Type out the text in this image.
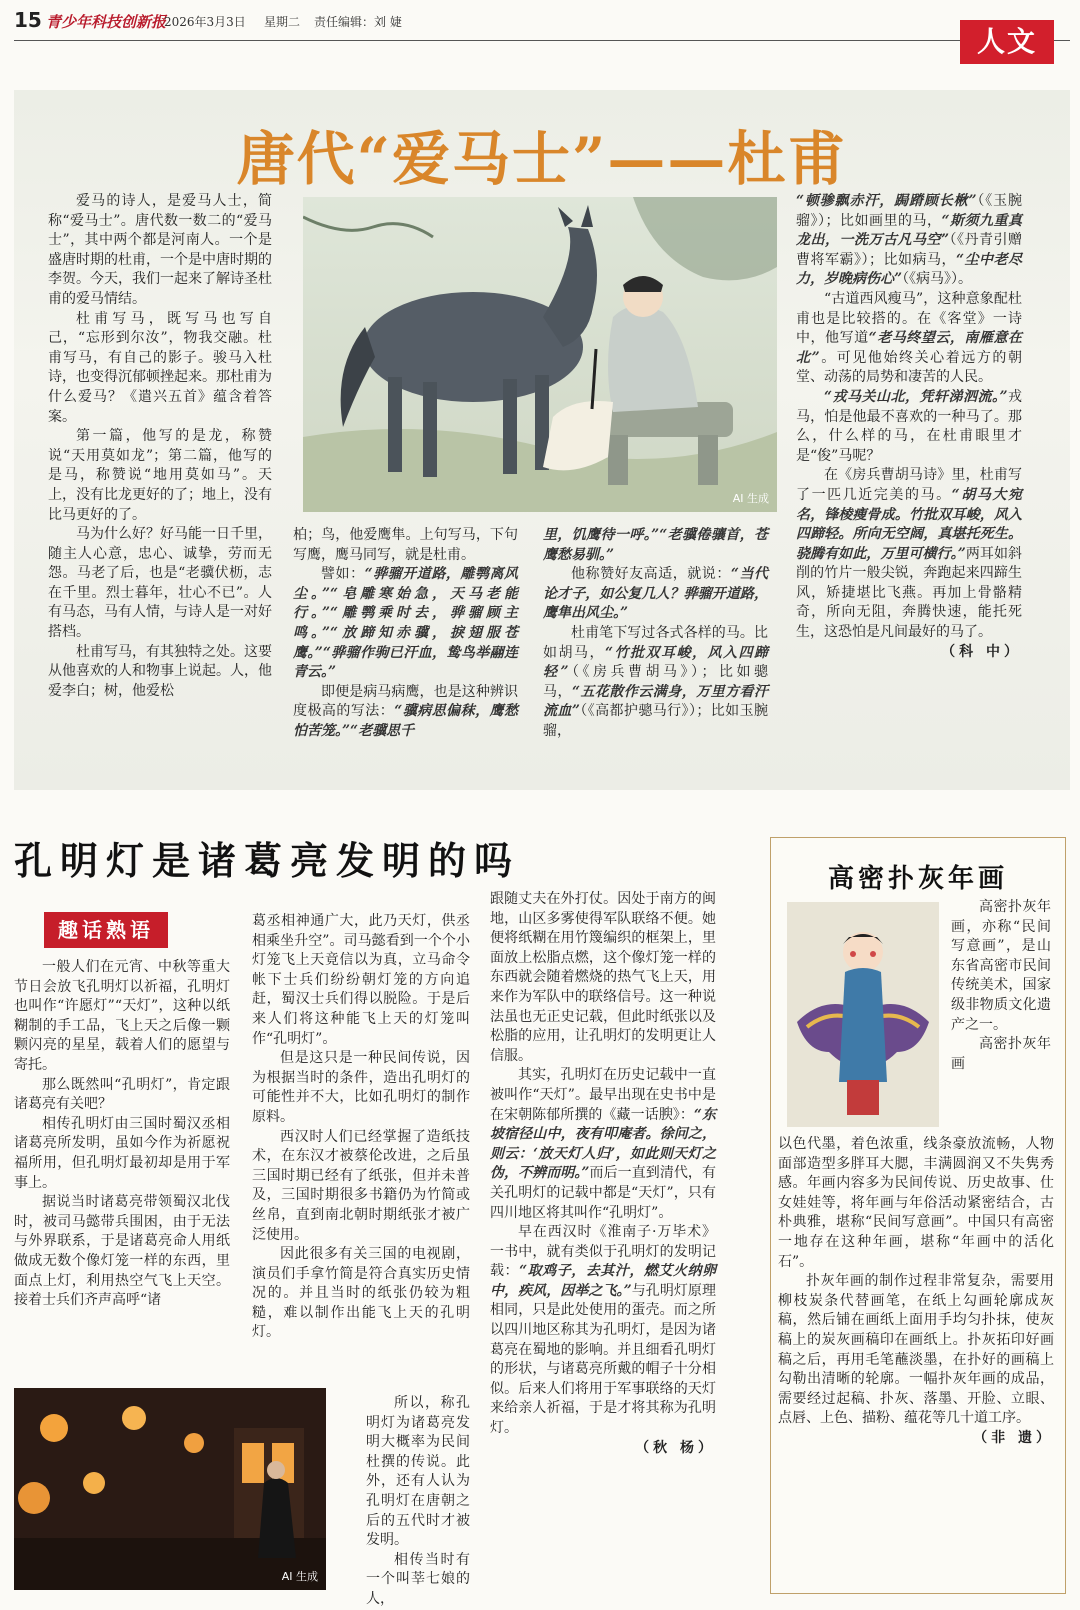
15 青少年科技创新报
2026年3月3日 星期二 责任编辑：刘 婕
人文
唐代“爱马士”——杜甫

爱马的诗人，是爱马人士，简称“爱马士”。唐代数一数二的“爱马士”，其中两个都是河南人。一个是盛唐时期的杜甫，一个是中唐时期的李贺。今天，我们一起来了解诗圣杜甫的爱马情结。

杜甫写马，既写马也写自己，“忘形到尔汝”，物我交融。杜甫写马，有自己的影子。骏马入杜诗，也变得沉郁顿挫起来。那杜甫为什么爱马？《遣兴五首》蕴含着答案。

第一篇，他写的是龙，称赞说“天用莫如龙”；第二篇，他写的是马，称赞说“地用莫如马”。天上，没有比龙更好的了；地上，没有比马更好的了。

马为什么好？好马能一日千里，随主人心意，忠心、诚挚，劳而无怨。马老了后，也是“老骥伏枥，志在千里。烈士暮年，壮心不已”。人有马态，马有人情，与诗人是一对好搭档。

杜甫写马，有其独特之处。这要从他喜欢的人和物事上说起。人，他爱李白；树，他爱松

AI 生成

柏；鸟，他爱鹰隼。上句写马，下句写鹰，鹰马同写，就是杜甫。

譬如：“骅骝开道路，雕鹗离风尘。”“皂雕寒始急，天马老能行。”“雕鹗乘时去，骅骝顾主鸣。”“放蹄知赤骥，捩翅服苍鹰。”“骅骝作驹已汗血，鸷鸟举翮连青云。”

即便是病马病鹰，也是这种辨识度极高的写法：“骥病思偏秣，鹰愁怕苦笼。”“老骥思千

里，饥鹰待一呼。”“老骥倦骧首，苍鹰愁易驯。”

他称赞好友高适，就说：“当代论才子，如公复几人？骅骝开道路，鹰隼出风尘。”

杜甫笔下写过各式各样的马。比如胡马，“竹批双耳峻，风入四蹄轻”（《房兵曹胡马》）；比如骢马，“五花散作云满身，万里方看汗流血”（《高都护骢马行》）；比如玉腕骝，

“顿骖飘赤汗，跼蹐顾长楸”（《玉腕骝》）；比如画里的马，“斯须九重真龙出，一洗万古凡马空”（《丹青引赠曹将军霸》）；比如病马，“尘中老尽力，岁晚病伤心”（《病马》）。

“古道西风瘦马”，这种意象配杜甫也是比较搭的。在《客堂》一诗中，他写道“老马终望云，南雁意在北”。可见他始终关心着远方的朝堂、动荡的局势和凄苦的人民。

“戎马关山北，凭轩涕泗流。”戎马，怕是他最不喜欢的一种马了。那么，什么样的马，在杜甫眼里才是“俊”马呢？

在《房兵曹胡马诗》里，杜甫写了一匹几近完美的马。“胡马大宛名，锋棱瘦骨成。竹批双耳峻，风入四蹄轻。所向无空阔，真堪托死生。骁腾有如此，万里可横行。”两耳如斜削的竹片一般尖锐，奔跑起来四蹄生风，矫捷堪比飞燕。再加上骨骼精奇，所向无阻，奔腾快速，能托死生，这恐怕是凡间最好的马了。

（科 中）
孔明灯是诸葛亮发明的吗
趣话熟语

一般人们在元宵、中秋等重大节日会放飞孔明灯以祈福，孔明灯也叫作“许愿灯”“天灯”，这种以纸糊制的手工品，飞上天之后像一颗颗闪亮的星星，载着人们的愿望与寄托。

那么既然叫“孔明灯”，肯定跟诸葛亮有关吧？

相传孔明灯由三国时蜀汉丞相诸葛亮所发明，虽如今作为祈愿祝福所用，但孔明灯最初却是用于军事上。

据说当时诸葛亮带领蜀汉北伐时，被司马懿带兵围困，由于无法与外界联系，于是诸葛亮命人用纸做成无数个像灯笼一样的东西，里面点上灯，利用热空气飞上天空。接着士兵们齐声高呼“诸

葛丞相神通广大，此乃天灯，供丞相乘坐升空”。司马懿看到一个个小灯笼飞上天竟信以为真，立马命令帐下士兵们纷纷朝灯笼的方向追赶，蜀汉士兵们得以脱险。于是后来人们将这种能飞上天的灯笼叫作“孔明灯”。

但是这只是一种民间传说，因为根据当时的条件，造出孔明灯的可能性并不大，比如孔明灯的制作原料。

西汉时人们已经掌握了造纸技术，在东汉才被蔡伦改进，之后虽三国时期已经有了纸张，但并未普及，三国时期很多书籍仍为竹简或丝帛，直到南北朝时期纸张才被广泛使用。

因此很多有关三国的电视剧，演员们手拿竹简是符合真实历史情况的。并且当时的纸张仍较为粗糙，难以制作出能飞上天的孔明灯。

所以，称孔明灯为诸葛亮发明大概率为民间杜撰的传说。此外，还有人认为孔明灯在唐朝之后的五代时才被发明。

相传当时有一个叫莘七娘的人，

AI 生成

跟随丈夫在外打仗。因处于南方的闽地，山区多雾使得军队联络不便。她便将纸糊在用竹篾编织的框架上，里面放上松脂点燃，这个像灯笼一样的东西就会随着燃烧的热气飞上天，用来作为军队中的联络信号。这一种说法虽也无正史记载，但此时纸张以及松脂的应用，让孔明灯的发明更让人信服。

其实，孔明灯在历史记载中一直被叫作“天灯”。最早出现在史书中是在宋朝陈郁所撰的《藏一话腴》：“东坡宿径山中，夜有叩庵者。徐问之，则云：‘放天灯人归’，如此则天灯之伪，不辨而明。”而后一直到清代，有关孔明灯的记载中都是“天灯”，只有四川地区将其叫作“孔明灯”。

早在西汉时《淮南子·万毕术》一书中，就有类似于孔明灯的发明记载：“取鸡子，去其汁，燃艾火纳卵中，疾风，因举之飞。”与孔明灯原理相同，只是此处使用的蛋壳。而之所以四川地区称其为孔明灯，是因为诸葛亮在蜀地的影响。并且细看孔明灯的形状，与诸葛亮所戴的帽子十分相似。后来人们将用于军事联络的天灯来给亲人祈福，于是才将其称为孔明灯。

（秋 杨）
高密扑灰年画

高密扑灰年画，亦称“民间写意画”，是山东省高密市民间传统美术，国家级非物质文化遗产之一。

高密扑灰年画

以色代墨，着色浓重，线条豪放流畅，人物面部造型多胖耳大腮，丰满圆润又不失隽秀感。年画内容多为民间传说、历史故事、仕女娃娃等，将年画与年俗活动紧密结合，古朴典雅，堪称“民间写意画”。中国只有高密一地存在这种年画，堪称“年画中的活化石”。

扑灰年画的制作过程非常复杂，需要用柳枝炭条代替画笔，在纸上勾画轮廓成灰稿，然后铺在画纸上面用手均匀扑抹，使灰稿上的炭灰画稿印在画纸上。扑灰拓印好画稿之后，再用毛笔蘸淡墨，在扑好的画稿上勾勒出清晰的轮廓。一幅扑灰年画的成品，需要经过起稿、扑灰、落墨、开脸、立眼、点唇、上色、描粉、蕴花等几十道工序。

（非 遗）
